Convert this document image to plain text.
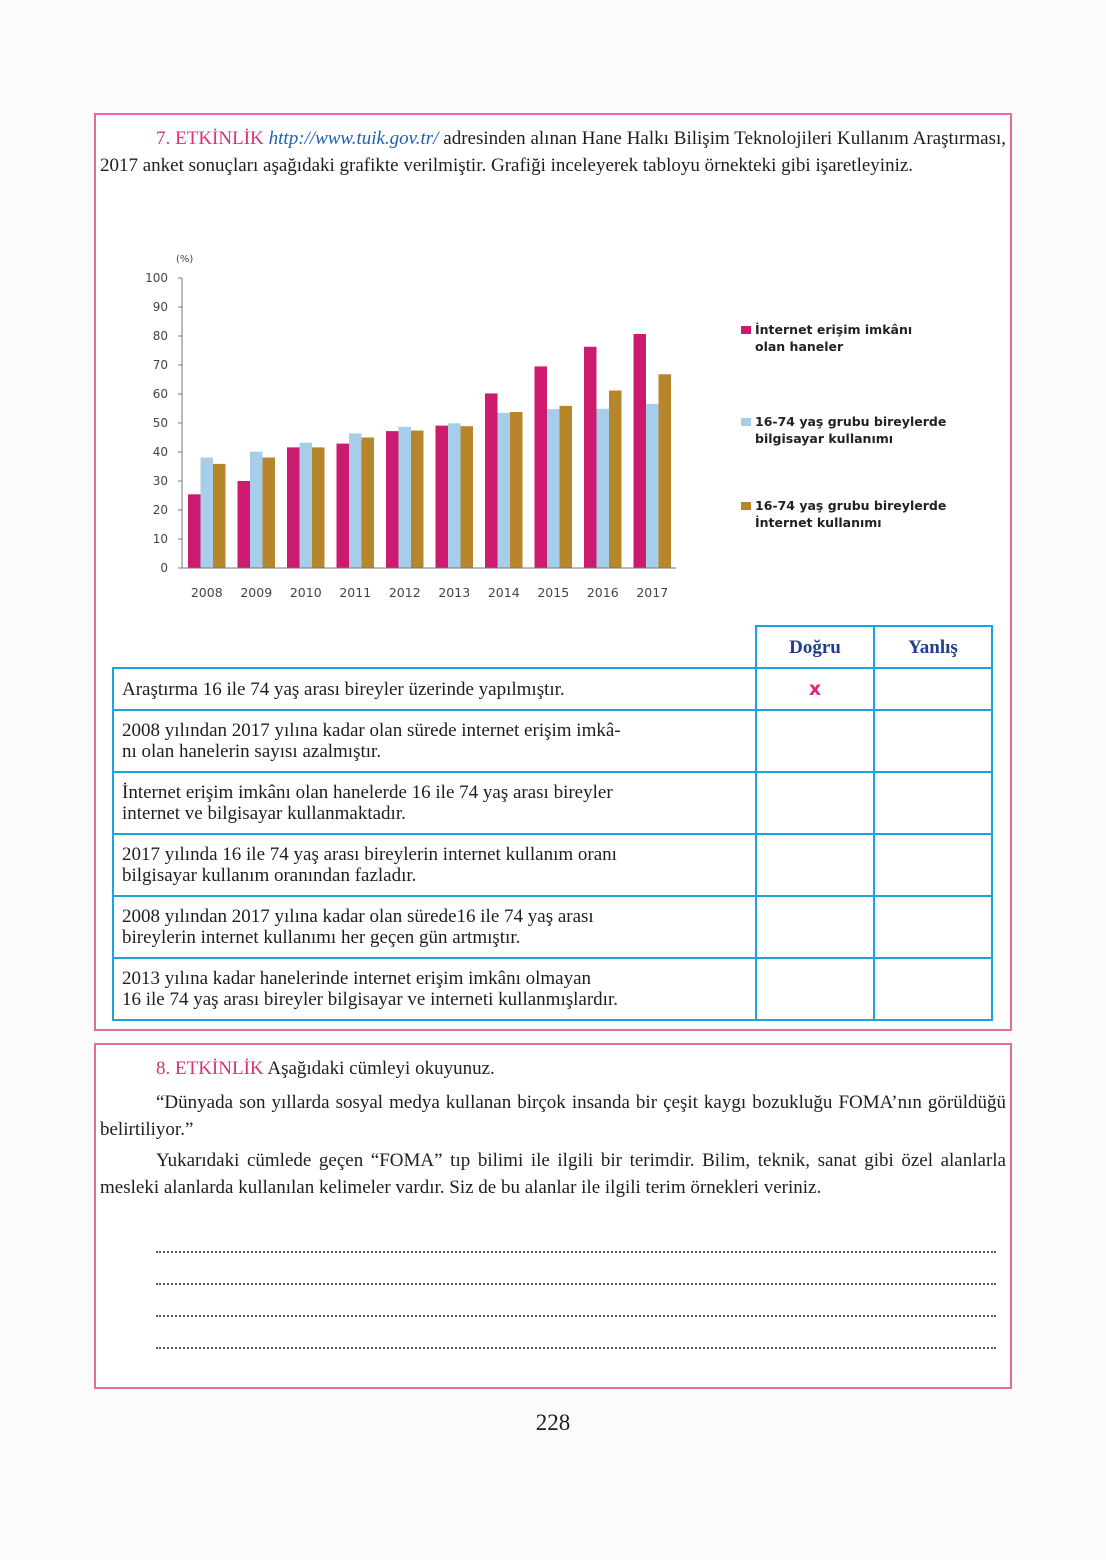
7. ETKİNLİK http://www.tuik.gov.tr/ adresinden alınan Hane Halkı Bilişim Teknolojileri Kullanım Araştırması, 2017 anket sonuçları aşağıdaki grafikte verilmiştir. Grafiği inceleyerek tabloyu örnekteki gibi işaretleyiniz.

(%)
0
10
20
30
40
50
60
70
80
90
100
2008 2009 2010 2011 2012 2013 2014 2015 2016 2017
İnternet erişim imkânı
olan haneler
16-74 yaş grubu bireylerde
bilgisayar kullanımı
16-74 yaş grubu bireylerde
İnternet kullanımı
	Doğru	Yanlış
Araştırma 16 ile 74 yaş arası bireyler üzerinde yapılmıştır.	x	
2008 yılından 2017 yılına kadar olan sürede internet erişim imkâ-
nı olan hanelerin sayısı azalmıştır.		
İnternet erişim imkânı olan hanelerde 16 ile 74 yaş arası bireyler
internet ve bilgisayar kullanmaktadır.		
2017 yılında 16 ile 74 yaş arası bireylerin internet kullanım oranı
bilgisayar kullanım oranından fazladır.		
2008 yılından 2017 yılına kadar olan sürede16 ile 74 yaş arası
bireylerin internet kullanımı her geçen gün artmıştır.		
2013 yılına kadar hanelerinde internet erişim imkânı olmayan
16 ile 74 yaş arası bireyler bilgisayar ve interneti kullanmışlardır.		

8. ETKİNLİK Aşağıdaki cümleyi okuyunuz.

“Dünyada son yıllarda sosyal medya kullanan birçok insanda bir çeşit kaygı bozukluğu FOMA’nın görüldüğü belirtiliyor.”

Yukarıdaki cümlede geçen “FOMA” tıp bilimi ile ilgili bir terimdir. Bilim, teknik, sanat gibi özel alanlarla mesleki alanlarda kullanılan kelimeler vardır. Siz de bu alanlar ile ilgili terim örnekleri veriniz.

228
